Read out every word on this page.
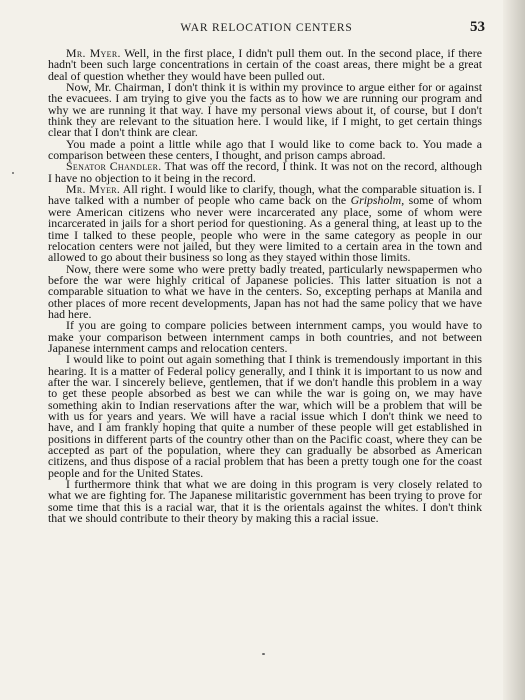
WAR RELOCATION CENTERS	53

Mr. Myer. Well, in the first place, I didn't pull them out. In the second place, if there hadn't been such large concentrations in certain of the coast areas, there might be a great deal of question whether they would have been pulled out.

Now, Mr. Chairman, I don't think it is within my province to argue either for or against the evacuees. I am trying to give you the facts as to how we are running our program and why we are running it that way. I have my personal views about it, of course, but I don't think they are relevant to the situation here. I would like, if I might, to get certain things clear that I don't think are clear.

You made a point a little while ago that I would like to come back to. You made a comparison between these centers, I thought, and prison camps abroad.

Senator Chandler. That was off the record, I think. It was not on the record, although I have no objection to it being in the record.

Mr. Myer. All right. I would like to clarify, though, what the comparable situation is. I have talked with a number of people who came back on the Gripsholm, some of whom were American citizens who never were incarcerated any place, some of whom were incarcerated in jails for a short period for questioning. As a general thing, at least up to the time I talked to these people, people who were in the same category as people in our relocation centers were not jailed, but they were limited to a certain area in the town and allowed to go about their business so long as they stayed within those limits.

Now, there were some who were pretty badly treated, particularly newspapermen who before the war were highly critical of Japanese policies. This latter situation is not a comparable situation to what we have in the centers. So, excepting perhaps at Manila and other places of more recent developments, Japan has not had the same policy that we have had here.

If you are going to compare policies between internment camps, you would have to make your comparison between internment camps in both countries, and not between Japanese internment camps and relocation centers.

I would like to point out again something that I think is tremendously important in this hearing. It is a matter of Federal policy generally, and I think it is important to us now and after the war. I sincerely believe, gentlemen, that if we don't handle this problem in a way to get these people absorbed as best we can while the war is going on, we may have something akin to Indian reservations after the war, which will be a problem that will be with us for years and years. We will have a racial issue which I don't think we need to have, and I am frankly hoping that quite a number of these people will get established in positions in different parts of the country other than on the Pacific coast, where they can be accepted as part of the population, where they can gradually be absorbed as American citizens, and thus dispose of a racial problem that has been a pretty tough one for the coast people and for the United States.

I furthermore think that what we are doing in this program is very closely related to what we are fighting for. The Japanese militaristic government has been trying to prove for some time that this is a racial war, that it is the orientals against the whites. I don't think that we should contribute to their theory by making this a racial issue.
